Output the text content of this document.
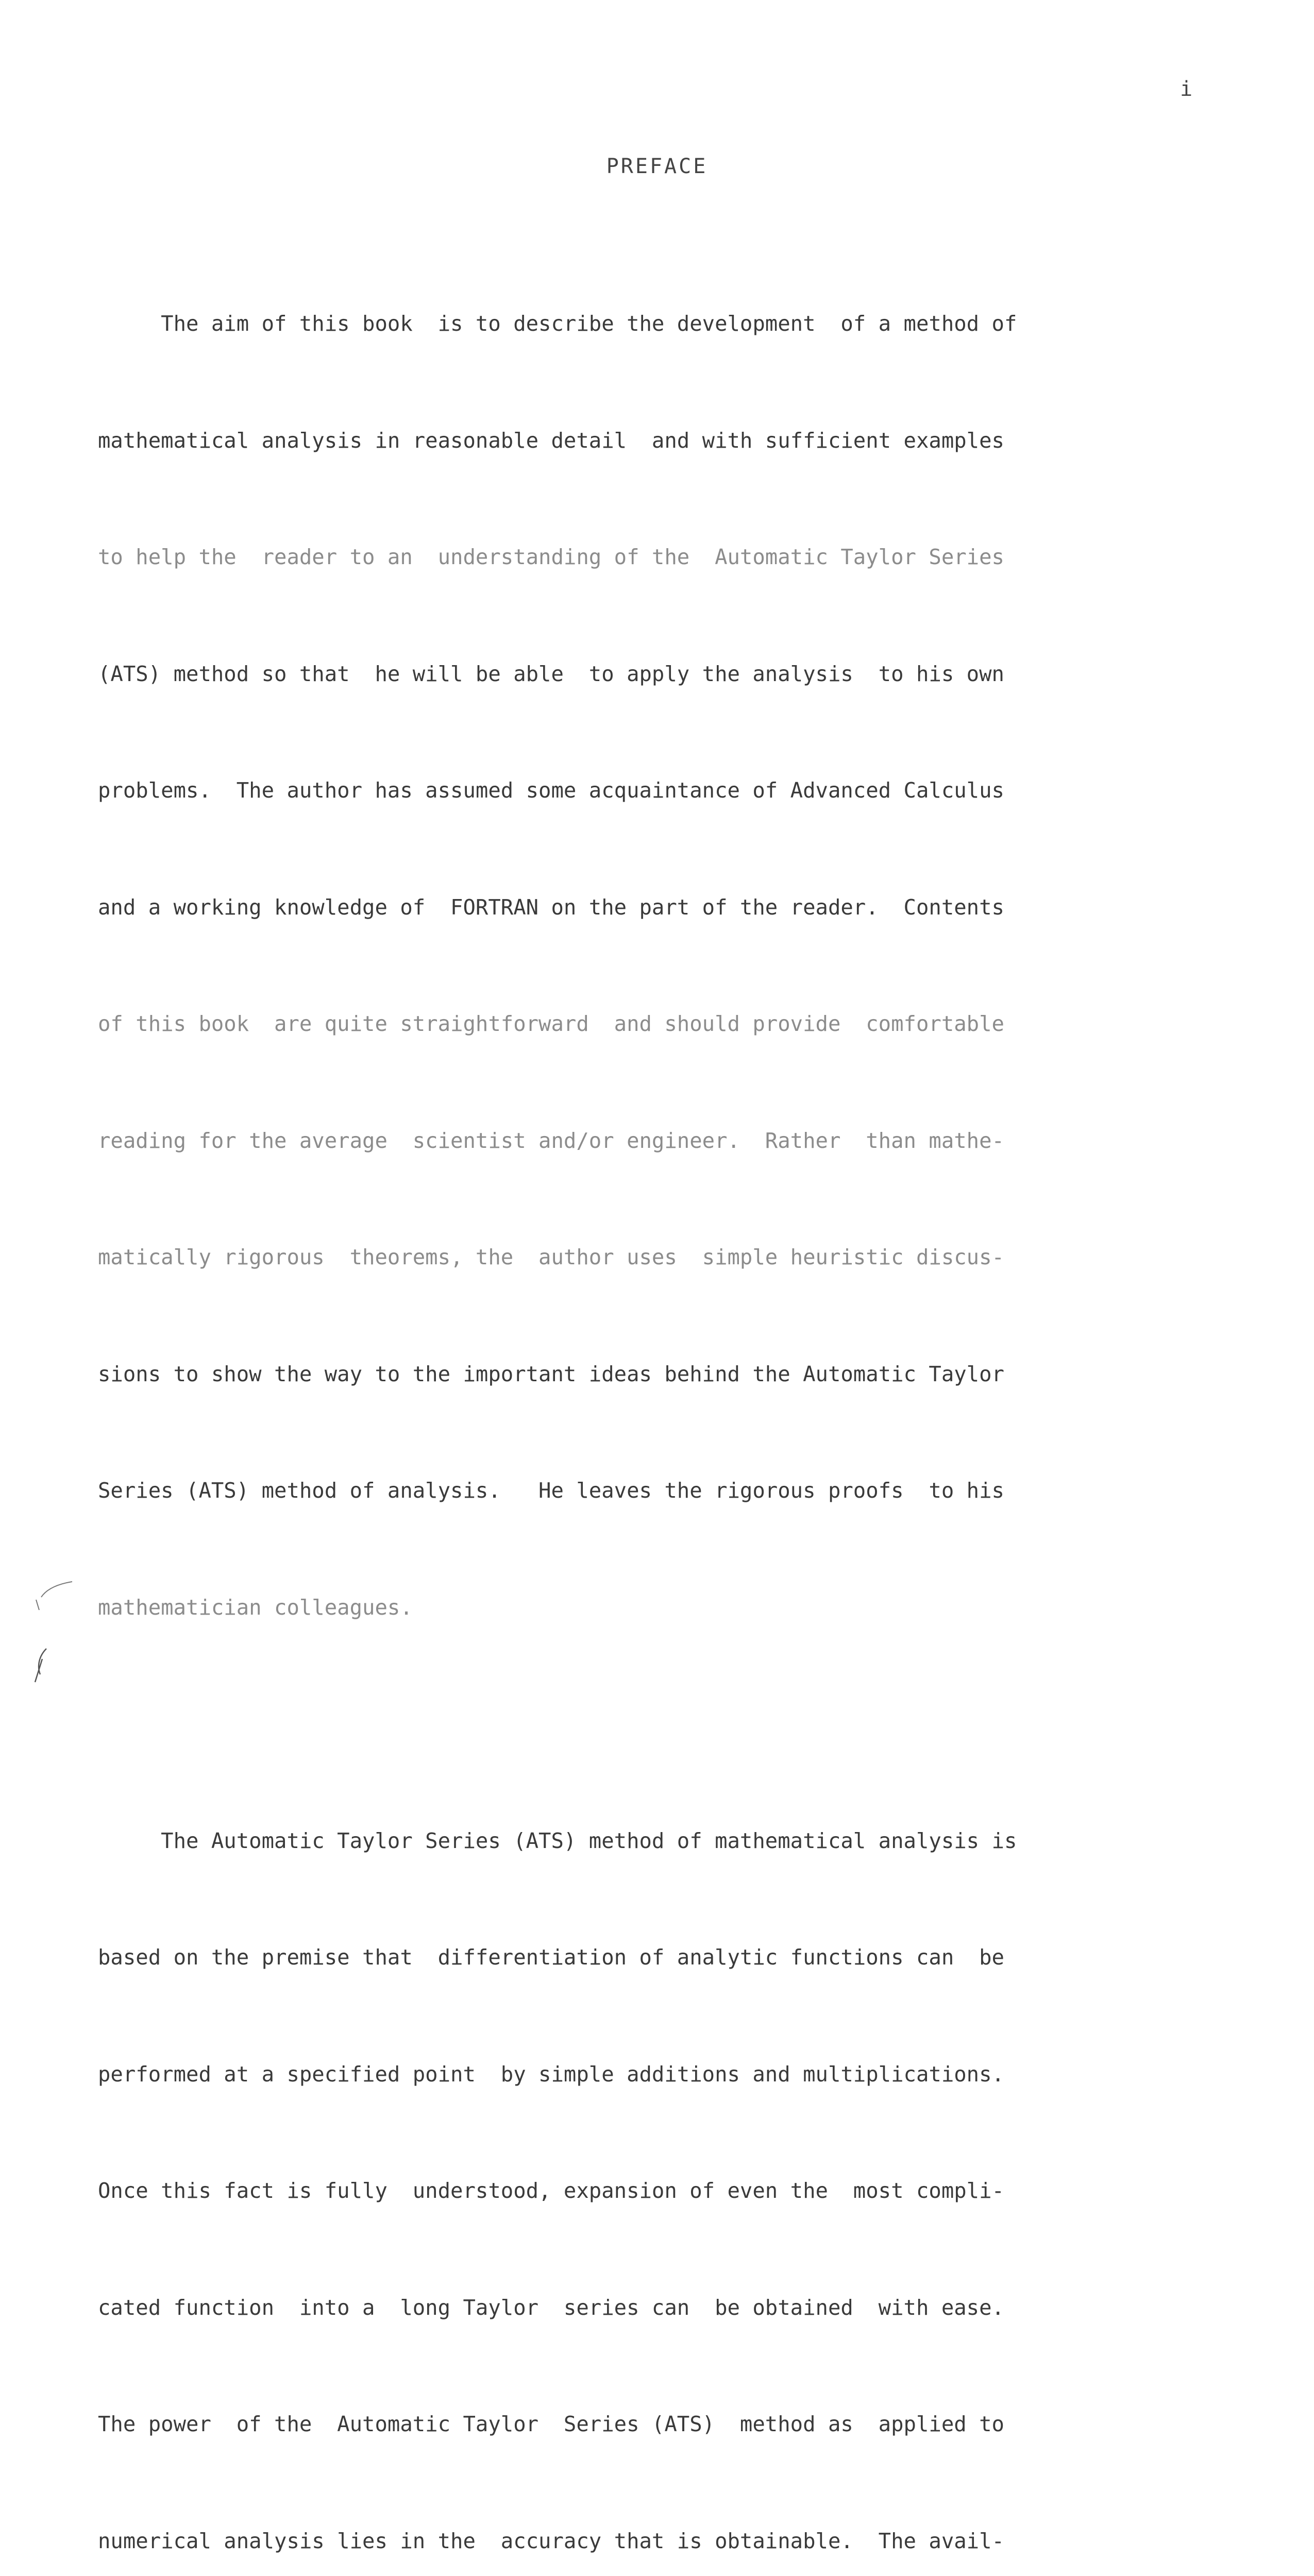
i
PREFACE

The aim of this book  is to describe the development  of a method of

mathematical analysis in reasonable detail  and with sufficient examples

to help the  reader to an  understanding of the  Automatic Taylor Series

(ATS) method so that  he will be able  to apply the analysis  to his own

problems.  The author has assumed some acquaintance of Advanced Calculus

and a working knowledge of  FORTRAN on the part of the reader.  Contents

of this book  are quite straightforward  and should provide  comfortable

reading for the average  scientist and/or engineer.  Rather  than mathe-

matically rigorous  theorems, the  author uses  simple heuristic discus-

sions to show the way to the important ideas behind the Automatic Taylor

Series (ATS) method of analysis.   He leaves the rigorous proofs  to his

mathematician colleagues.

The Automatic Taylor Series (ATS) method of mathematical analysis is

based on the premise that  differentiation of analytic functions can  be

performed at a specified point  by simple additions and multiplications.

Once this fact is fully  understood, expansion of even the  most compli-

cated function  into a  long Taylor  series can  be obtained  with ease.

The power  of the  Automatic Taylor  Series (ATS)  method as  applied to

numerical analysis lies in the  accuracy that is obtainable.  The avail-
